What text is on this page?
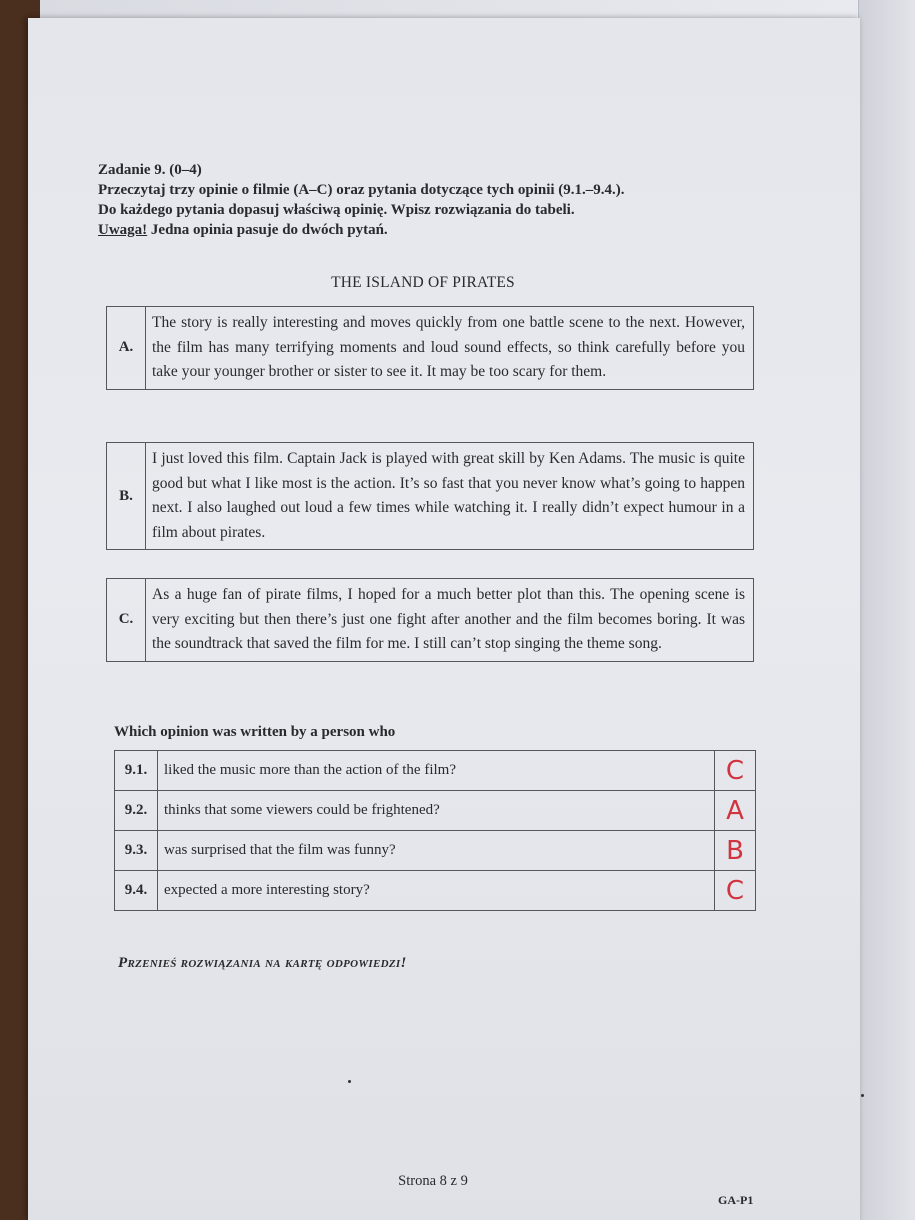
Zadanie 9. (0–4)
Przeczytaj trzy opinie o filmie (A–C) oraz pytania dotyczące tych opinii (9.1.–9.4.).
Do każdego pytania dopasuj właściwą opinię. Wpisz rozwiązania do tabeli.
Uwaga! Jedna opinia pasuje do dwóch pytań.
THE ISLAND OF PIRATES
A.
The story is really interesting and moves quickly from one battle scene to the next. However, the film has many terrifying moments and loud sound effects, so think carefully before you take your younger brother or sister to see it. It may be too scary for them.
B.
I just loved this film. Captain Jack is played with great skill by Ken Adams. The music is quite good but what I like most is the action. It’s so fast that you never know what’s going to happen next. I also laughed out loud a few times while watching it. I really didn’t expect humour in a film about pirates.
C.
As a huge fan of pirate films, I hoped for a much better plot than this. The opening scene is very exciting but then there’s just one fight after another and the film becomes boring. It was the soundtrack that saved the film for me. I still can’t stop singing the theme song.
Which opinion was written by a person who
9.1.	liked the music more than the action of the film?	C
9.2.	thinks that some viewers could be frightened?	A
9.3.	was surprised that the film was funny?	B
9.4.	expected a more interesting story?	C
Przenieś rozwiązania na kartę odpowiedzi!
Strona 8 z 9
GA-P1
